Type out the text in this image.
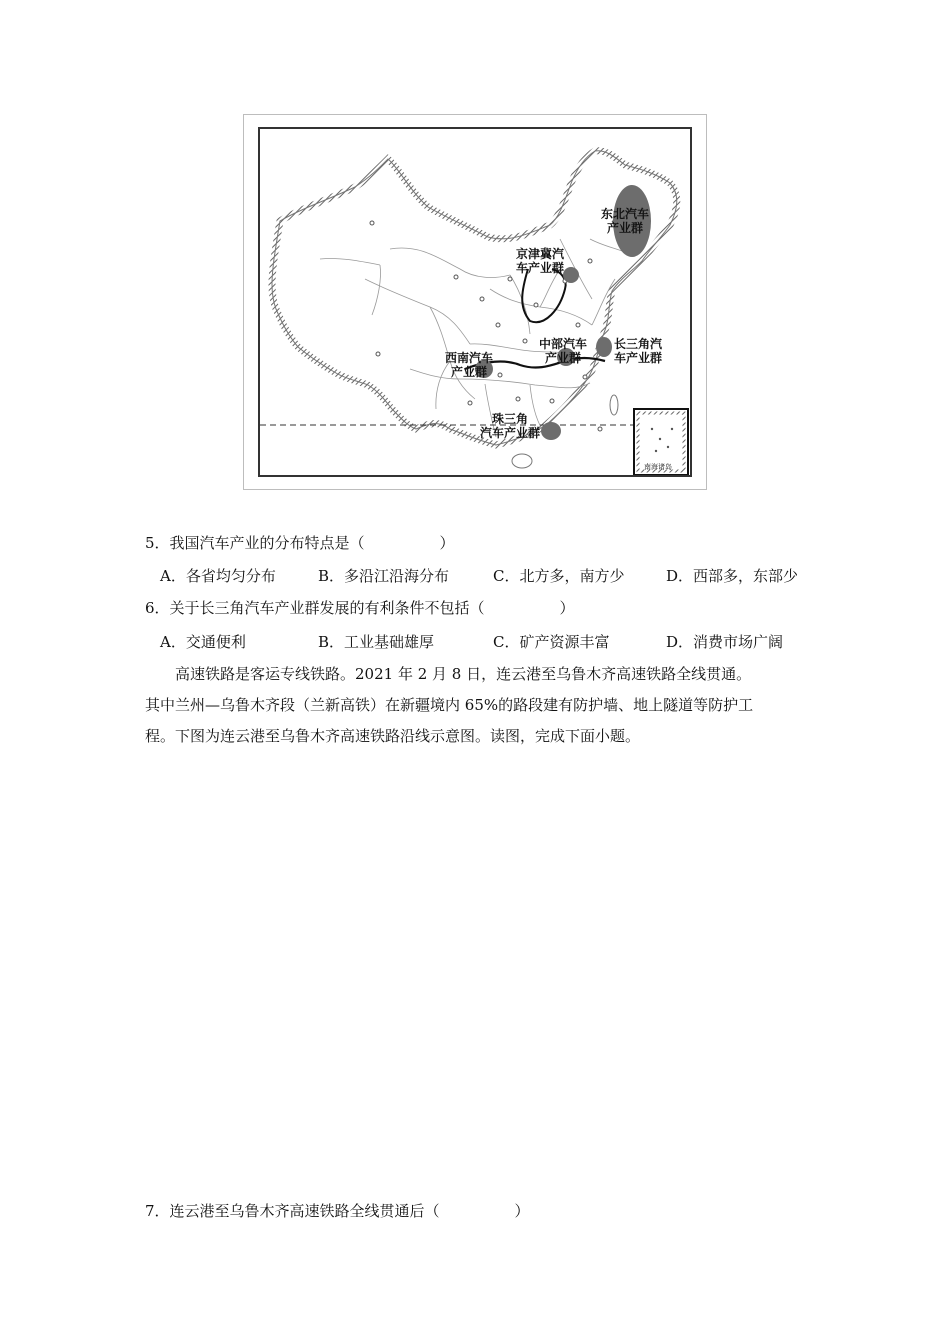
东北汽车
产业群
京津冀汽
车产业群
中部汽车
产业群
长三角汽
车产业群
西南汽车
产业群
珠三角
汽车产业群
南海诸岛
5．我国汽车产业的分布特点是（　　　　　）
A．各省均匀分布	B．多沿江沿海分布	C．北方多，南方少	D．西部多，东部少
6．关于长三角汽车产业群发展的有利条件不包括（　　　　　）
A．交通便利	B．工业基础雄厚	C．矿产资源丰富	D．消费市场广阔
　　高速铁路是客运专线铁路。2021 年 2 月 8 日，连云港至乌鲁木齐高速铁路全线贯通。
其中兰州—乌鲁木齐段（兰新高铁）在新疆境内 65%的路段建有防护墙、地上隧道等防护工
程。下图为连云港至乌鲁木齐高速铁路沿线示意图。读图，完成下面小题。
7．连云港至乌鲁木齐高速铁路全线贯通后（　　　　　）
